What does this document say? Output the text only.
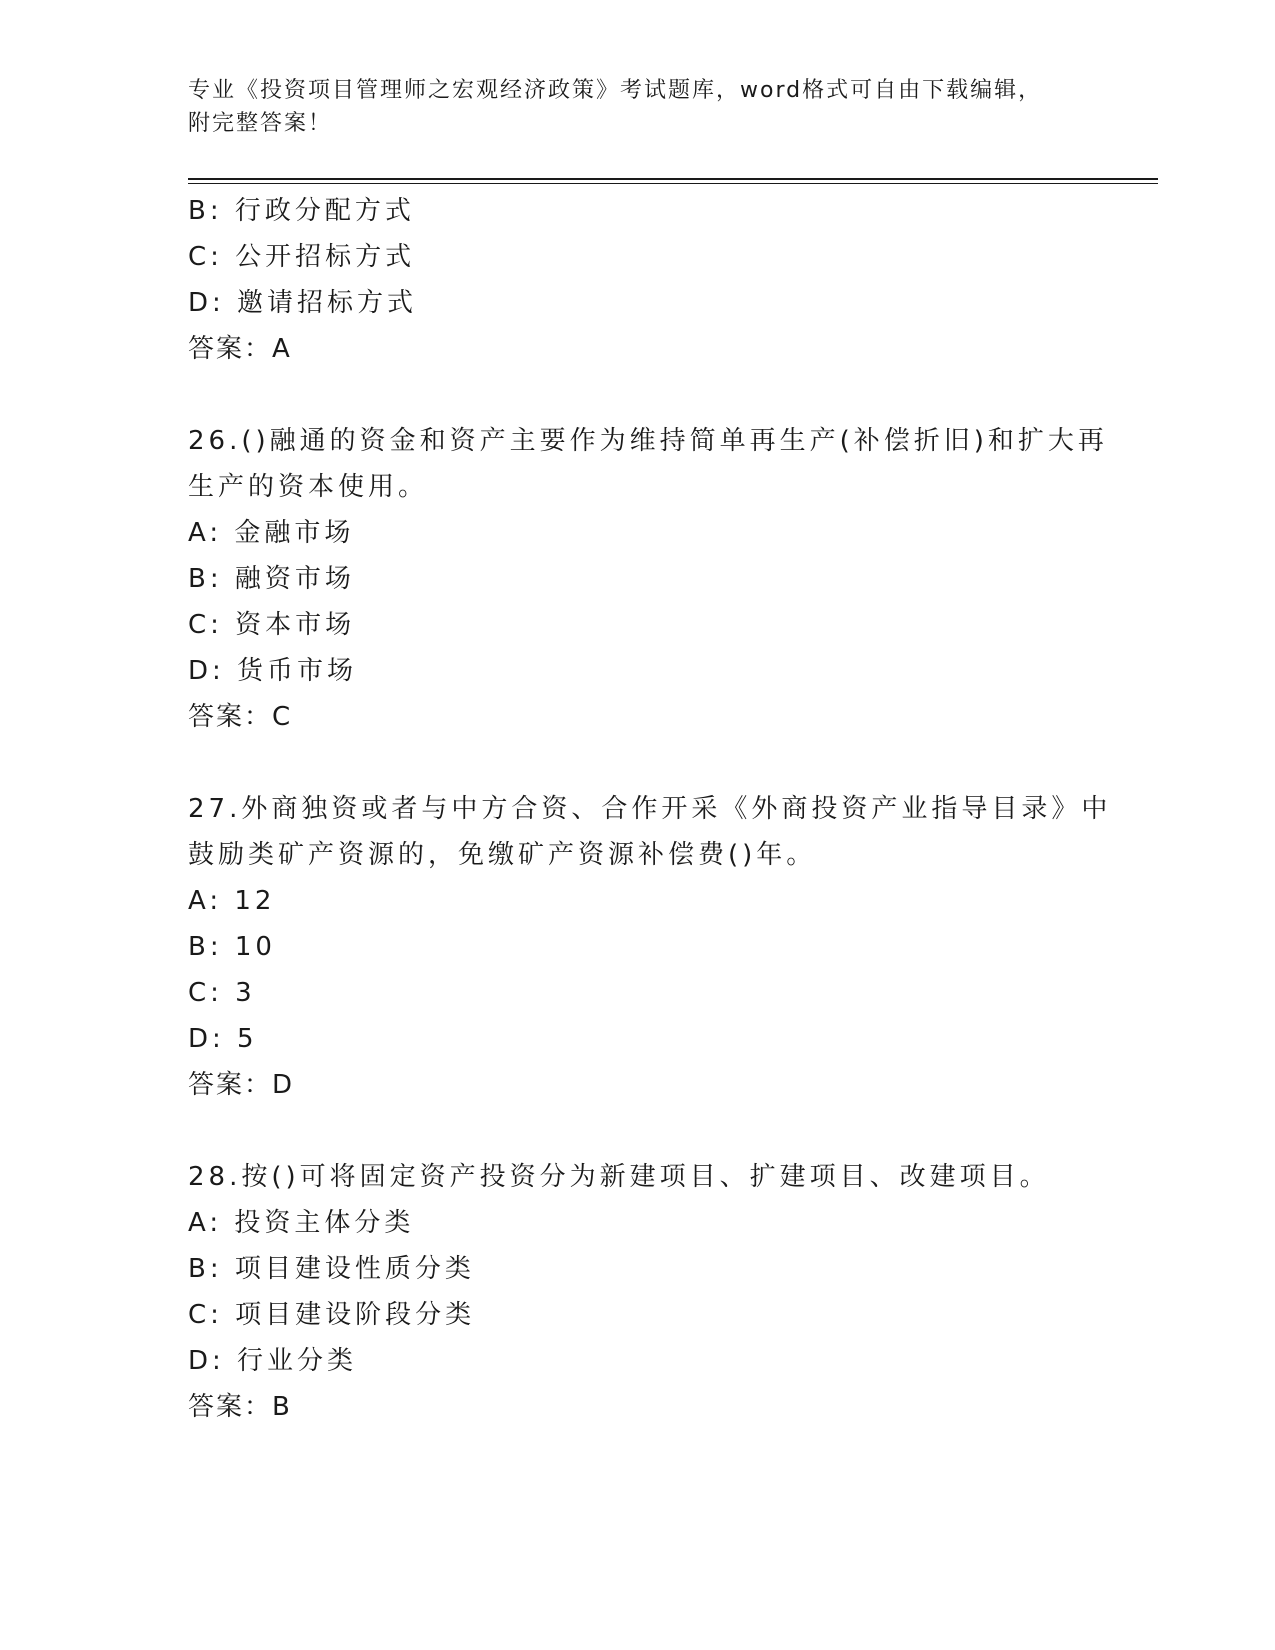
专业《投资项目管理师之宏观经济政策》考试题库，word格式可自由下载编辑，
附完整答案！
B: 行政分配方式
C: 公开招标方式
D: 邀请招标方式
答案：A
26.()融通的资金和资产主要作为维持简单再生产(补偿折旧)和扩大再
生产的资本使用。
A: 金融市场
B: 融资市场
C: 资本市场
D: 货币市场
答案：C
27.外商独资或者与中方合资、合作开采《外商投资产业指导目录》中
鼓励类矿产资源的，免缴矿产资源补偿费()年。
A: 12
B: 10
C: 3
D: 5
答案：D
28.按()可将固定资产投资分为新建项目、扩建项目、改建项目。
A: 投资主体分类
B: 项目建设性质分类
C: 项目建设阶段分类
D: 行业分类
答案：B
